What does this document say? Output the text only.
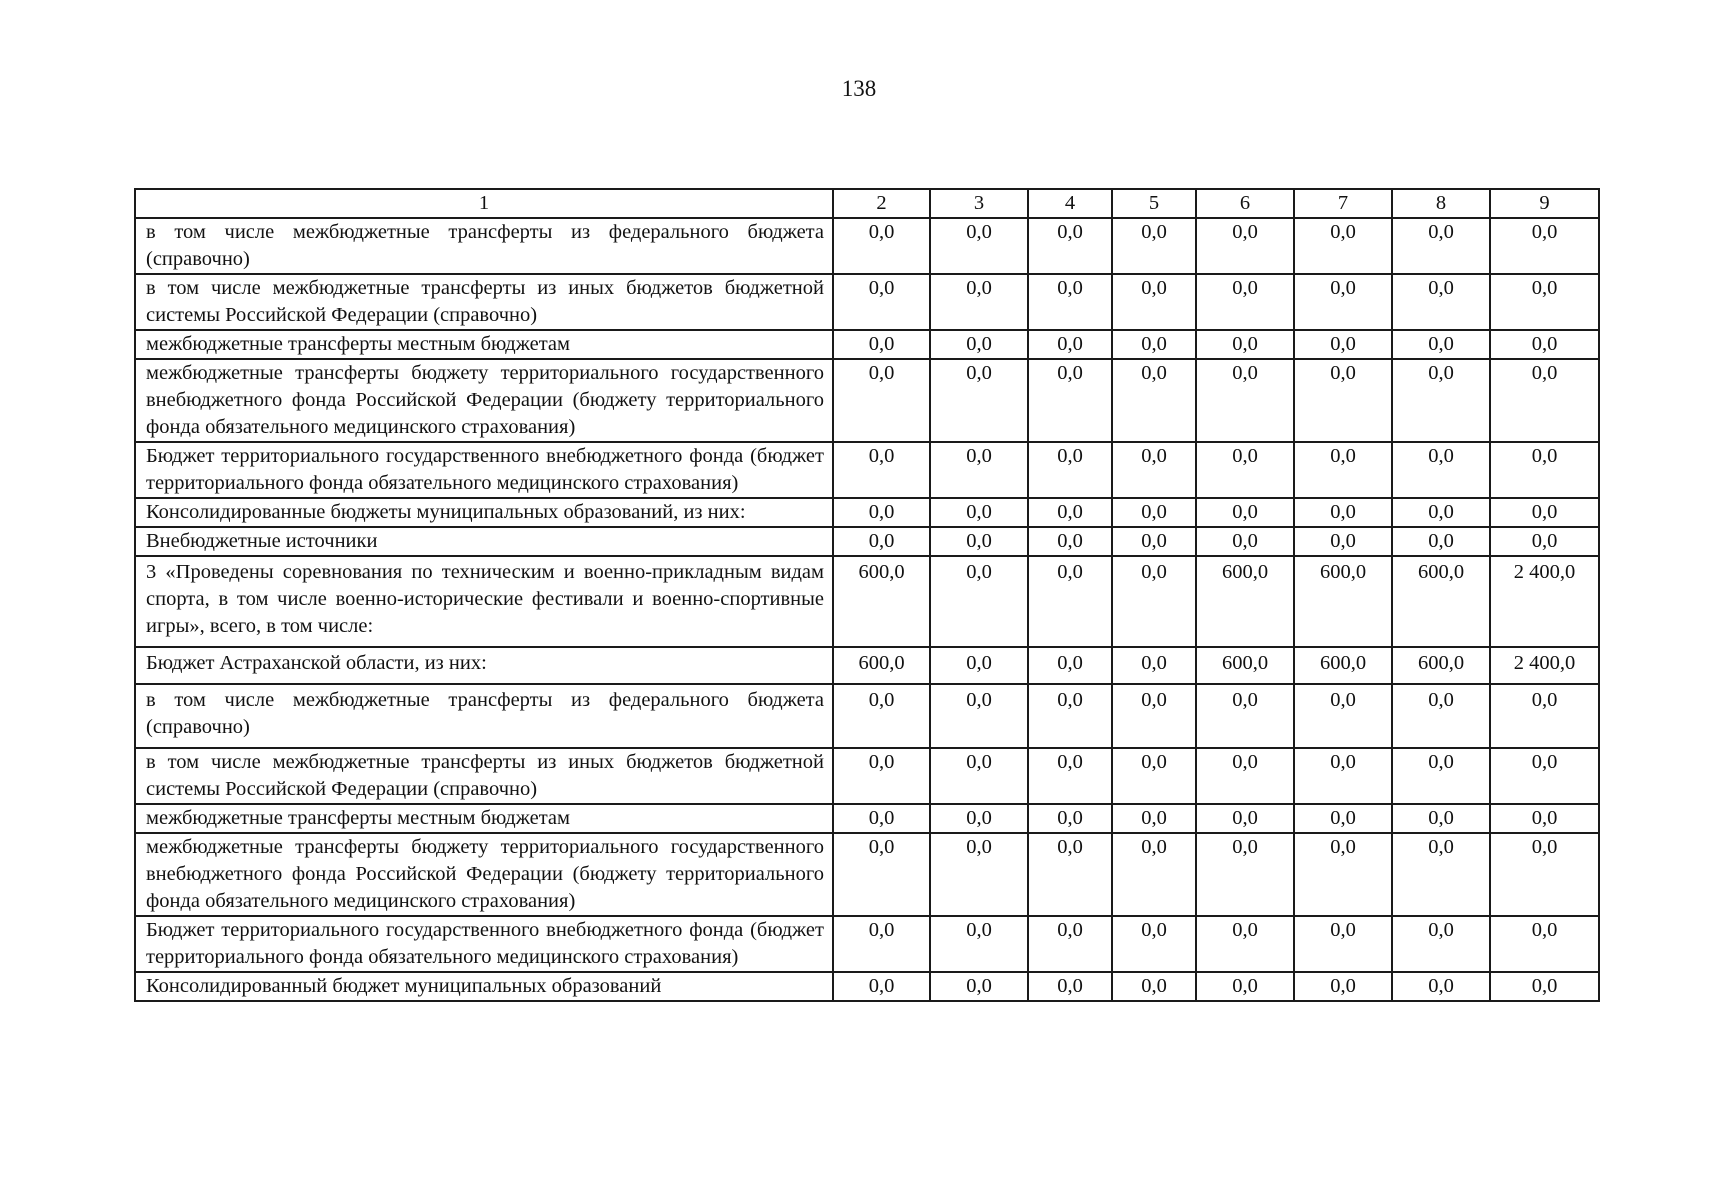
138
1	2	3	4	5	6	7	8	9
в том числе межбюджетные трансферты из федерального бюджета (справочно)	0,0	0,0	0,0	0,0	0,0	0,0	0,0	0,0
в том числе межбюджетные трансферты из иных бюджетов бюджетной системы Российской Федерации (справочно)	0,0	0,0	0,0	0,0	0,0	0,0	0,0	0,0
межбюджетные трансферты местным бюджетам	0,0	0,0	0,0	0,0	0,0	0,0	0,0	0,0
межбюджетные трансферты бюджету территориального государственного внебюджетного фонда Российской Федерации (бюджету территориального фонда обязательного медицинского страхования)	0,0	0,0	0,0	0,0	0,0	0,0	0,0	0,0
Бюджет территориального государственного внебюджетного фонда (бюджет территориального фонда обязательного медицинского страхования)	0,0	0,0	0,0	0,0	0,0	0,0	0,0	0,0
Консолидированные бюджеты муниципальных образований, из них:	0,0	0,0	0,0	0,0	0,0	0,0	0,0	0,0
Внебюджетные источники	0,0	0,0	0,0	0,0	0,0	0,0	0,0	0,0
3 «Проведены соревнования по техническим и военно-прикладным видам спорта, в том числе военно-исторические фестивали и военно-спортивные игры», всего, в том числе:	600,0	0,0	0,0	0,0	600,0	600,0	600,0	2 400,0
Бюджет Астраханской области, из них:	600,0	0,0	0,0	0,0	600,0	600,0	600,0	2 400,0
в том числе межбюджетные трансферты из федерального бюджета (справочно)	0,0	0,0	0,0	0,0	0,0	0,0	0,0	0,0
в том числе межбюджетные трансферты из иных бюджетов бюджетной системы Российской Федерации (справочно)	0,0	0,0	0,0	0,0	0,0	0,0	0,0	0,0
межбюджетные трансферты местным бюджетам	0,0	0,0	0,0	0,0	0,0	0,0	0,0	0,0
межбюджетные трансферты бюджету территориального государственного внебюджетного фонда Российской Федерации (бюджету территориального фонда обязательного медицинского страхования)	0,0	0,0	0,0	0,0	0,0	0,0	0,0	0,0
Бюджет территориального государственного внебюджетного фонда (бюджет территориального фонда обязательного медицинского страхования)	0,0	0,0	0,0	0,0	0,0	0,0	0,0	0,0
Консолидированный бюджет муниципальных образований	0,0	0,0	0,0	0,0	0,0	0,0	0,0	0,0
